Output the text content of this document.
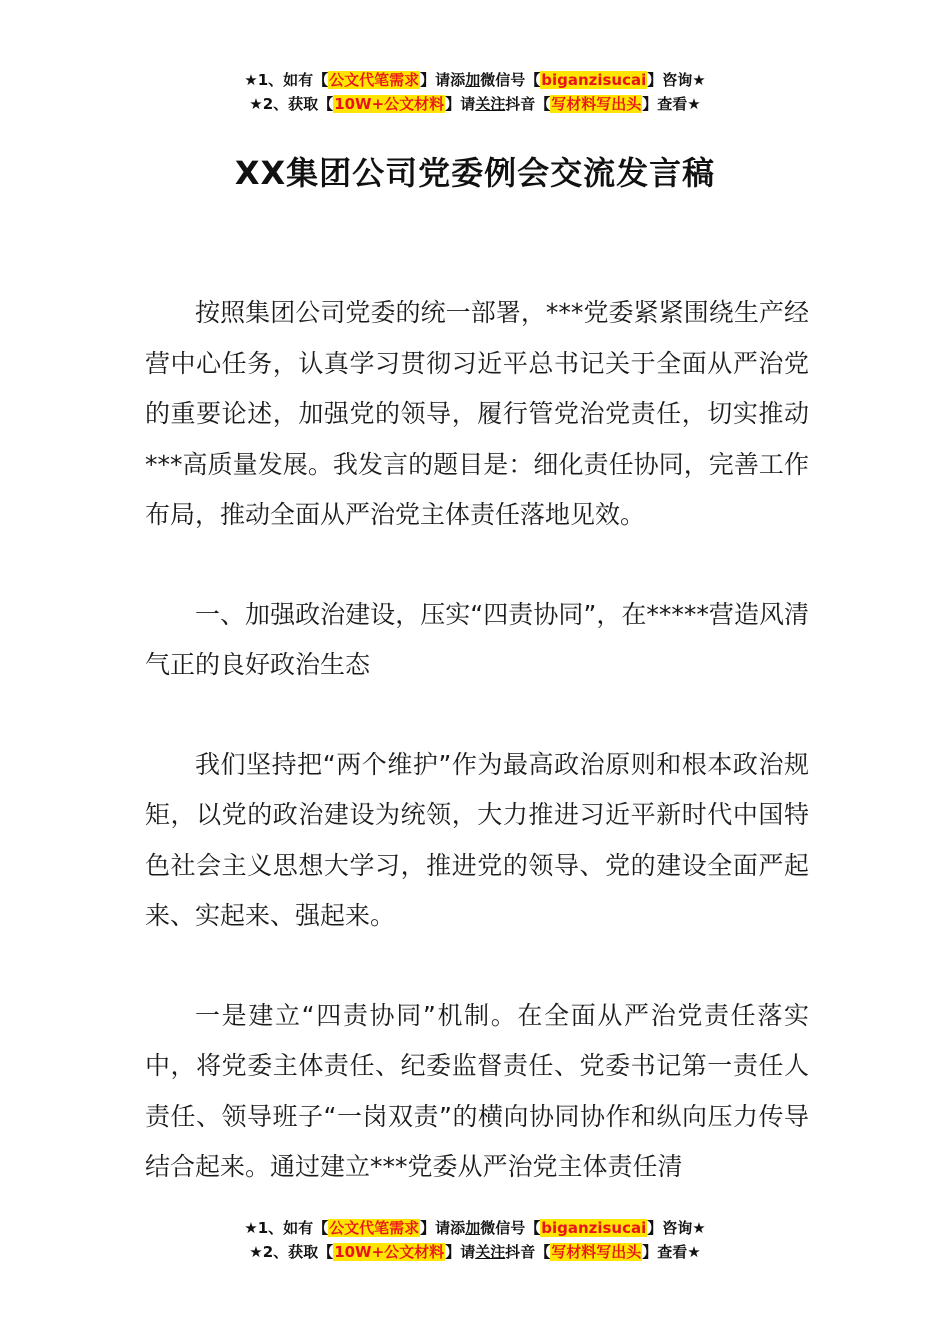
★1、如有【公文代笔需求】请添加微信号【biganzisucai】咨询★
★2、获取【10W+公文材料】请关注抖音【写材料写出头】查看★
XX集团公司党委例会交流发言稿

按照集团公司党委的统一部署，***党委紧紧围绕生产经营中心任务，认真学习贯彻习近平总书记关于全面从严治党的重要论述，加强党的领导，履行管党治党责任，切实推动***高质量发展。我发言的题目是：细化责任协同，完善工作布局，推动全面从严治党主体责任落地见效。

一、加强政治建设，压实“四责协同”，在*****营造风清气正的良好政治生态

我们坚持把“两个维护”作为最高政治原则和根本政治规矩，以党的政治建设为统领，大力推进习近平新时代中国特色社会主义思想大学习，推进党的领导、党的建设全面严起来、实起来、强起来。

一是建立“四责协同”机制。在全面从严治党责任落实中，将党委主体责任、纪委监督责任、党委书记第一责任人责任、领导班子“一岗双责”的横向协同协作和纵向压力传导结合起来。通过建立***党委从严治党主体责任清

★1、如有【公文代笔需求】请添加微信号【biganzisucai】咨询★
★2、获取【10W+公文材料】请关注抖音【写材料写出头】查看★
